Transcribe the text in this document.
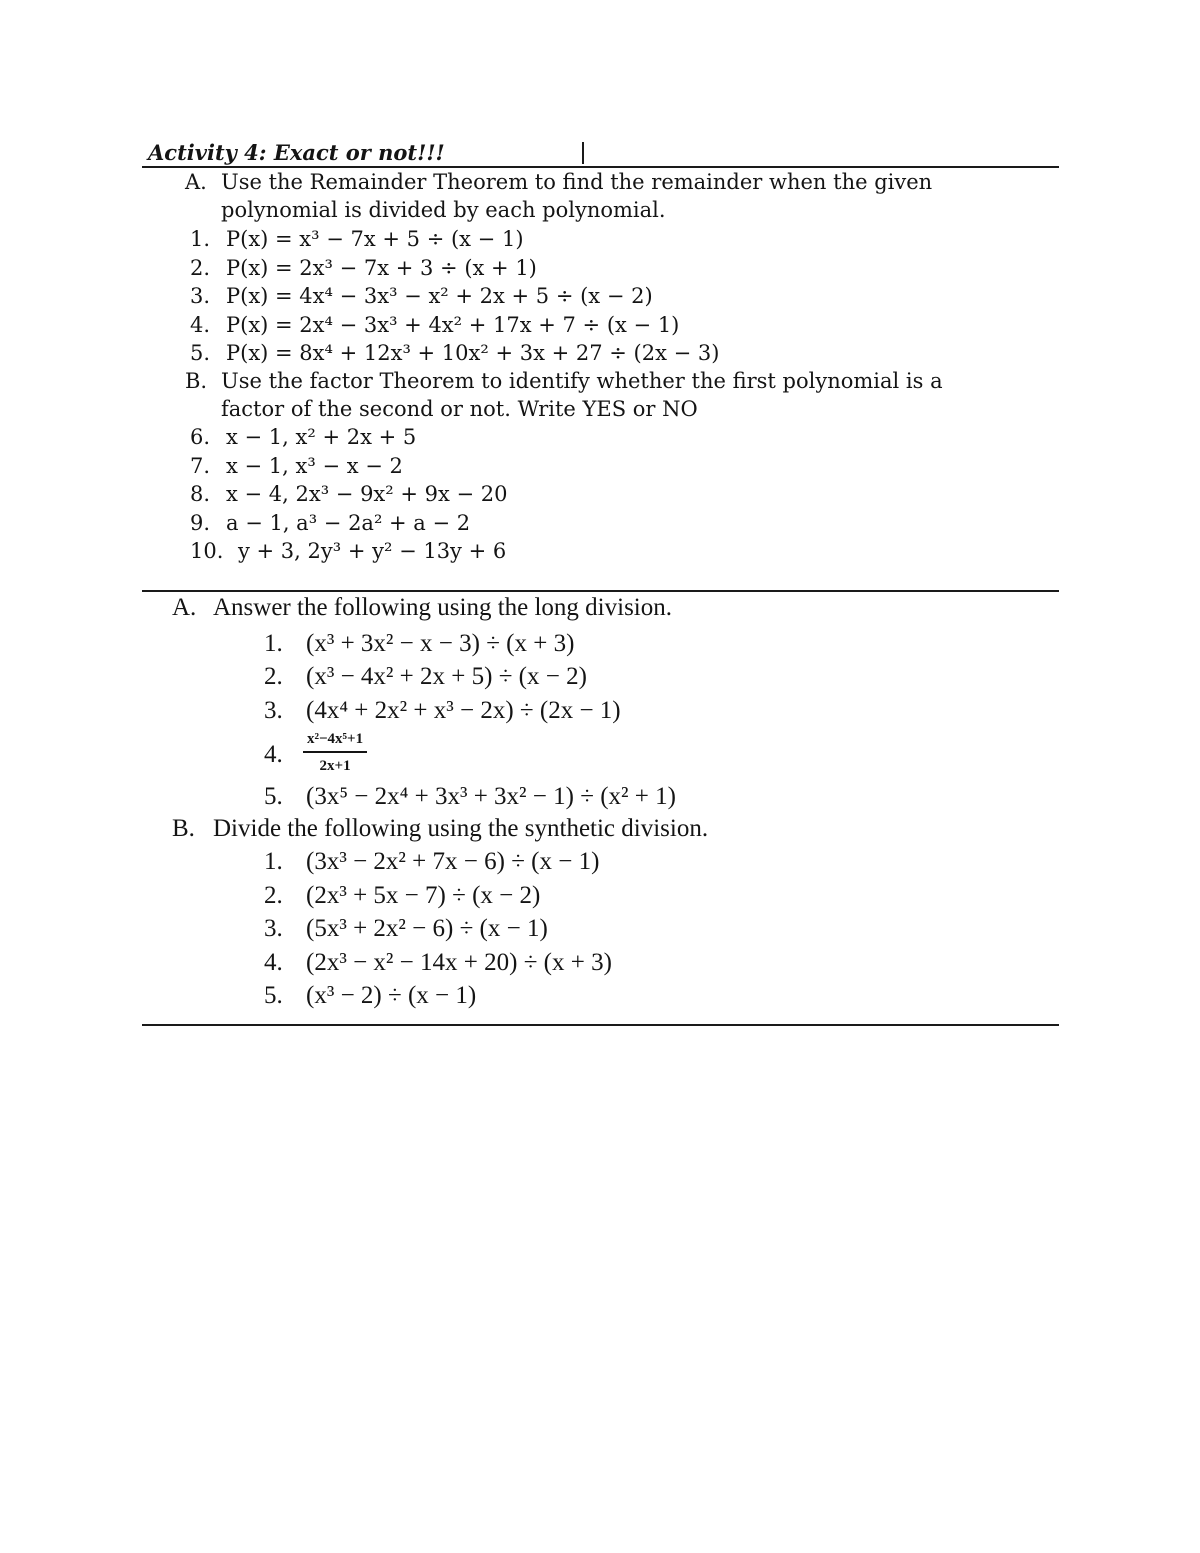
Activity 4: Exact or not!!!
A. Use the Remainder Theorem to find the remainder when the given
polynomial is divided by each polynomial.
1. P(x) = x³ − 7x + 5 ÷ (x − 1)
2. P(x) = 2x³ − 7x + 3 ÷ (x + 1)
3. P(x) = 4x⁴ − 3x³ − x² + 2x + 5 ÷ (x − 2)
4. P(x) = 2x⁴ − 3x³ + 4x² + 17x + 7 ÷ (x − 1)
5. P(x) = 8x⁴ + 12x³ + 10x² + 3x + 27 ÷ (2x − 3)
B. Use the factor Theorem to identify whether the first polynomial is a
factor of the second or not. Write YES or NO
6. x − 1, x² + 2x + 5
7. x − 1, x³ − x − 2
8. x − 4, 2x³ − 9x² + 9x − 20
9. a − 1, a³ − 2a² + a − 2
10. y + 3, 2y³ + y² − 13y + 6
A. Answer the following using the long division.
1. (x³ + 3x² − x − 3) ÷ (x + 3)
2. (x³ − 4x² + 2x + 5) ÷ (x − 2)
3. (4x⁴ + 2x² + x³ − 2x) ÷ (2x − 1)
4. $\frac{\text{x²−4x⁵+1}}{2x+1}$
5. (3x⁵ − 2x⁴ + 3x³ + 3x² − 1) ÷ (x² + 1)
B. Divide the following using the synthetic division.
1. (3x³ − 2x² + 7x − 6) ÷ (x − 1)
2. (2x³ + 5x − 7) ÷ (x − 2)
3. (5x³ + 2x² − 6) ÷ (x − 1)
4. (2x³ − x² − 14x + 20) ÷ (x + 3)
5. (x³ − 2) ÷ (x − 1)
